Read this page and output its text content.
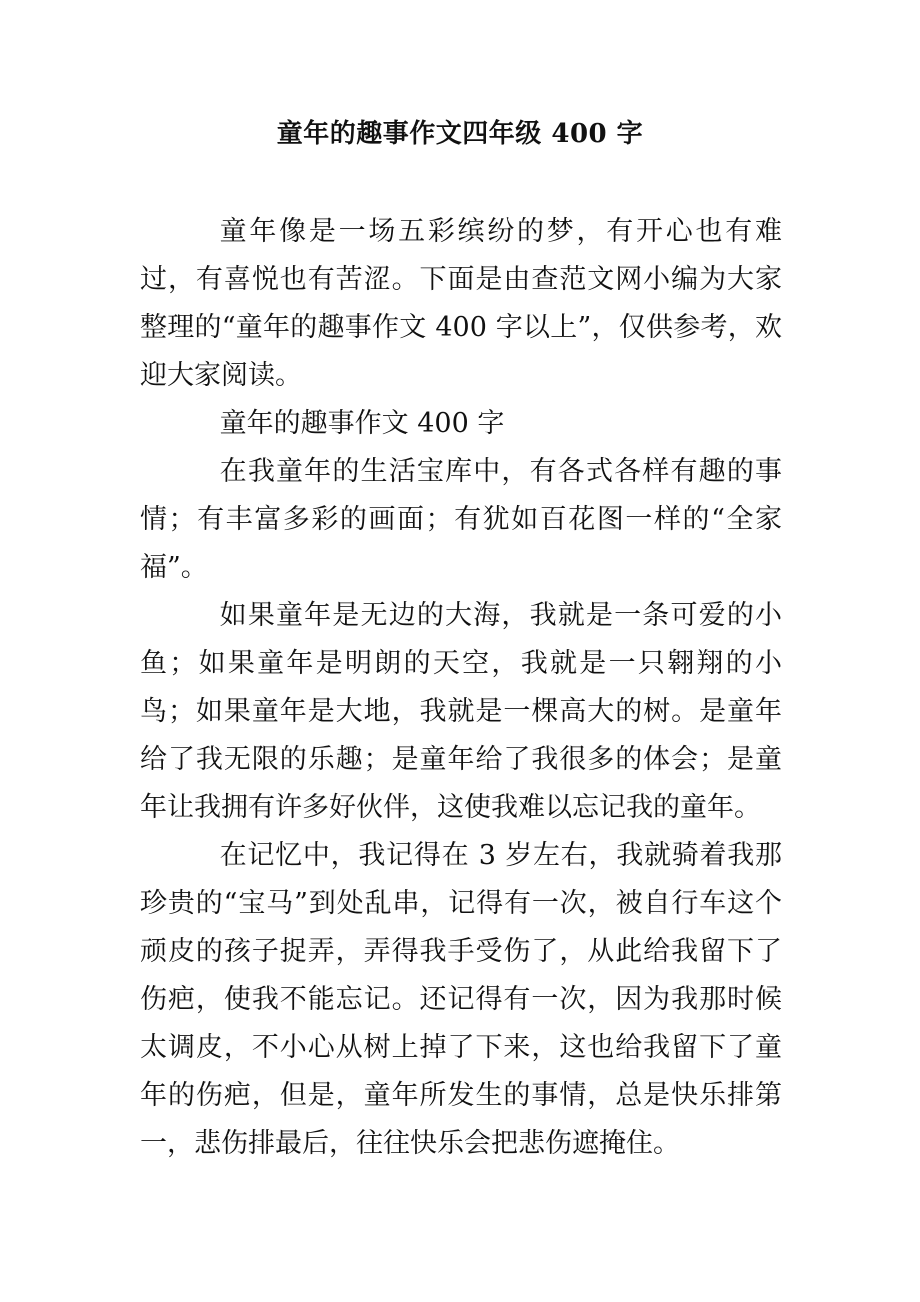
童年的趣事作文四年级 400 字

童年像是一场五彩缤纷的梦，有开心也有难过，有喜悦也有苦涩。下面是由查范文网小编为大家整理的“童年的趣事作文 400 字以上”，仅供参考，欢迎大家阅读。

童年的趣事作文 400 字

在我童年的生活宝库中，有各式各样有趣的事情；有丰富多彩的画面；有犹如百花图一样的“全家福”。

如果童年是无边的大海，我就是一条可爱的小鱼；如果童年是明朗的天空，我就是一只翱翔的小鸟；如果童年是大地，我就是一棵高大的树。是童年给了我无限的乐趣；是童年给了我很多的体会；是童年让我拥有许多好伙伴，这使我难以忘记我的童年。

在记忆中，我记得在 3 岁左右，我就骑着我那珍贵的“宝马”到处乱串，记得有一次，被自行车这个顽皮的孩子捉弄，弄得我手受伤了，从此给我留下了伤疤，使我不能忘记。还记得有一次，因为我那时候太调皮，不小心从树上掉了下来，这也给我留下了童年的伤疤，但是，童年所发生的事情，总是快乐排第一，悲伤排最后，往往快乐会把悲伤遮掩住。
